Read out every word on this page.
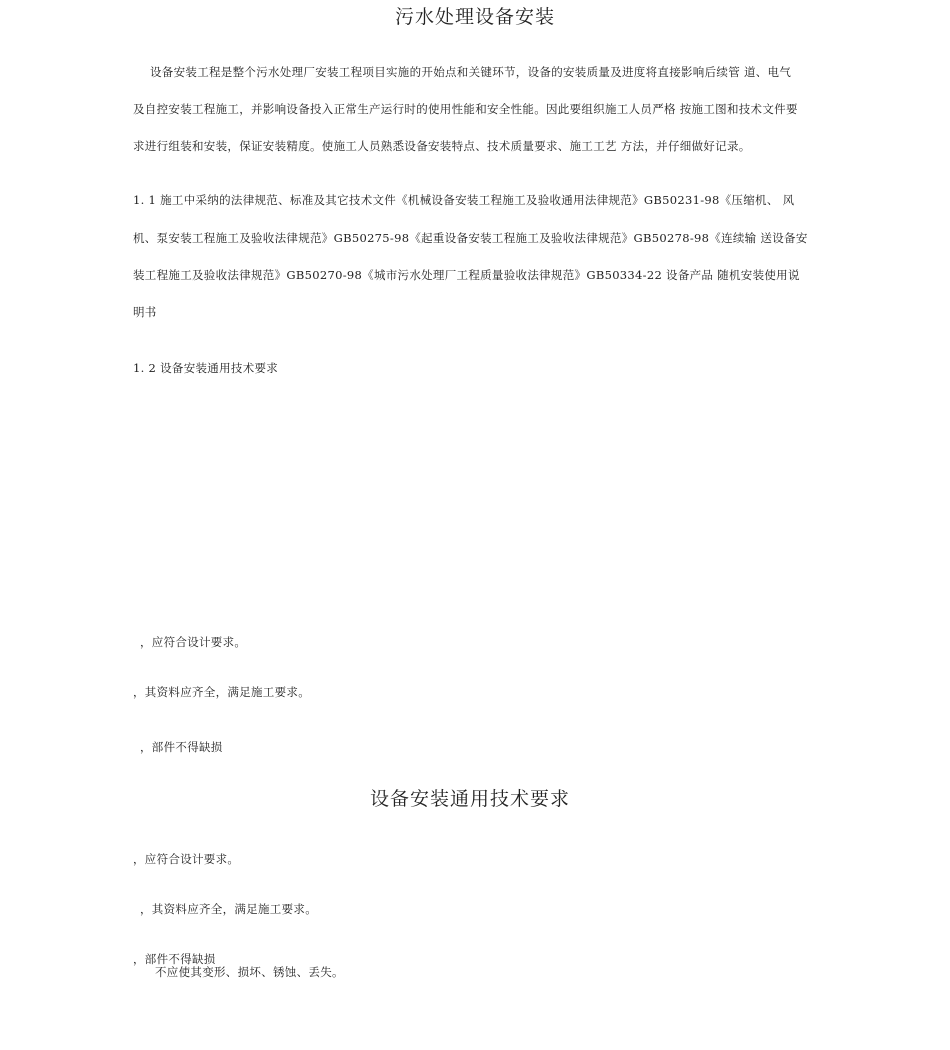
污水处理设备安装
设备安装工程是整个污水处理厂安装工程项目实施的开始点和关键环节，设备的安装质量及进度将直接影响后续管 道、电气
及自控安装工程施工，并影响设备投入正常生产运行时的使用性能和安全性能。因此要组织施工人员严格 按施工图和技术文件要
求进行组装和安装，保证安装精度。使施工人员熟悉设备安装特点、技术质量要求、施工工艺 方法，并仔细做好记录。
1. 1 施工中采纳的法律规范、标准及其它技术文件《机械设备安装工程施工及验收通用法律规范》GB50231-98《压缩机、 风
机、泵安装工程施工及验收法律规范》GB50275-98《起重设备安装工程施工及验收法律规范》GB50278-98《连续输 送设备安
装工程施工及验收法律规范》GB50270-98《城市污水处理厂工程质量验收法律规范》GB50334-22 设备产品 随机安装使用说
明书
1. 2 设备安装通用技术要求
，应符合设计要求。
，其资料应齐全，满足施工要求。
，部件不得缺损
设备安装通用技术要求
，应符合设计要求。
，其资料应齐全，满足施工要求。
，部件不得缺损
不应使其变形、损坏、锈蚀、丢失。
